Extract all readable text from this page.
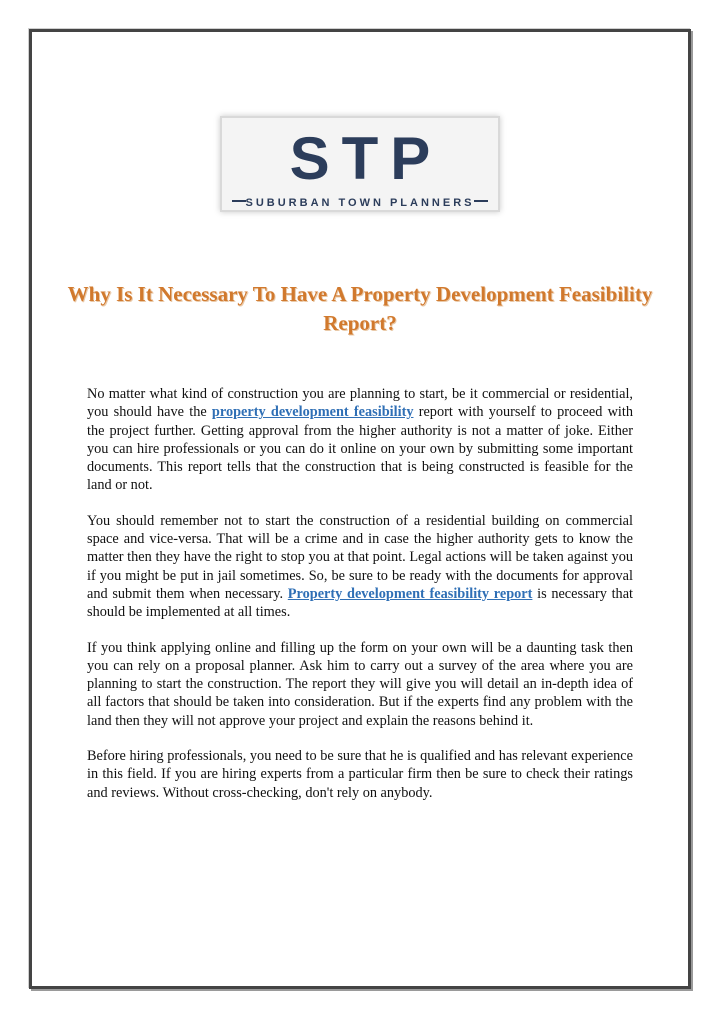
STP
SUBURBAN TOWN PLANNERS
Why Is It Necessary To Have A Property Development Feasibility Report?

No matter what kind of construction you are planning to start, be it commercial or residential, you should have the property development feasibility report with yourself to proceed with the project further. Getting approval from the higher authority is not a matter of joke. Either you can hire professionals or you can do it online on your own by submitting some important documents. This report tells that the construction that is being constructed is feasible for the land or not.

You should remember not to start the construction of a residential building on commercial space and vice-versa. That will be a crime and in case the higher authority gets to know the matter then they have the right to stop you at that point. Legal actions will be taken against you if you might be put in jail sometimes. So, be sure to be ready with the documents for approval and submit them when necessary. Property development feasibility report is necessary that should be implemented at all times.

If you think applying online and filling up the form on your own will be a daunting task then you can rely on a proposal planner. Ask him to carry out a survey of the area where you are planning to start the construction. The report they will give you will detail an in-depth idea of all factors that should be taken into consideration. But if the experts find any problem with the land then they will not approve your project and explain the reasons behind it.

Before hiring professionals, you need to be sure that he is qualified and has relevant experience in this field. If you are hiring experts from a particular firm then be sure to check their ratings and reviews. Without cross-checking, don't rely on anybody.
